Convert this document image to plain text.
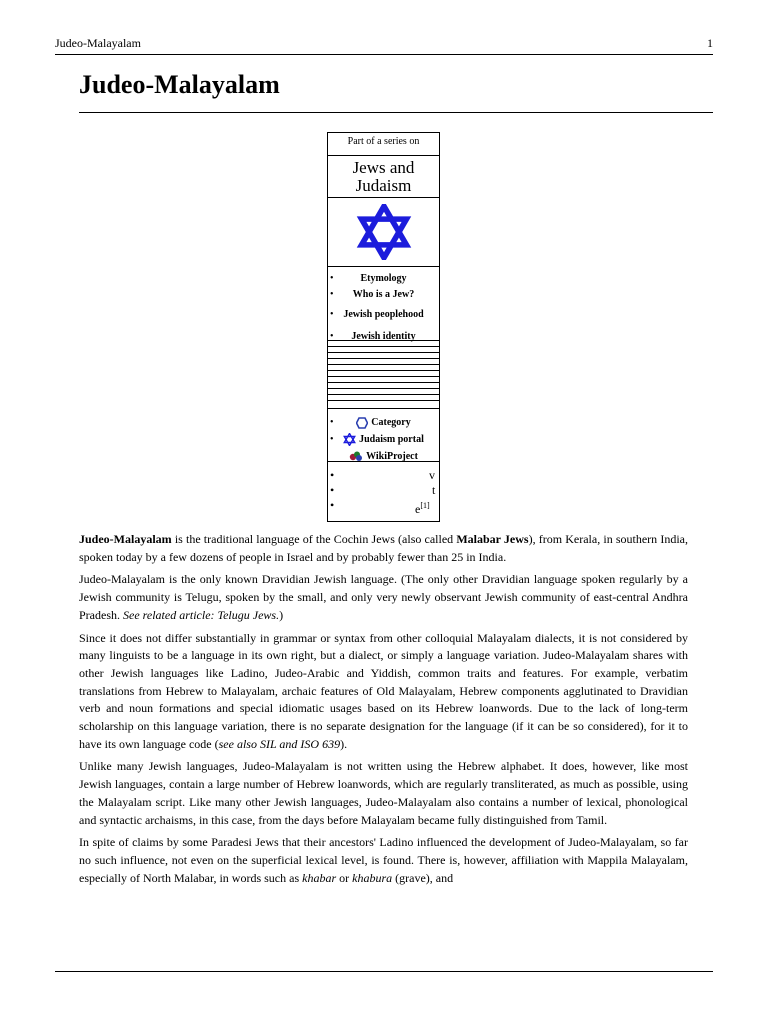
Judeo-Malayalam	1
Judeo-Malayalam
Part of a series on
Jews and
Judaism
•	Etymology
• Who is a Jew?
• Jewish peoplehood
• Jewish identity
•	Category
•	Judaism portal
WikiProject
•	v
•	t
•	e[1]

Judeo-Malayalam is the traditional language of the Cochin Jews (also called Malabar Jews), from Kerala, in southern India, spoken today by a few dozens of people in Israel and by probably fewer than 25 in India.

Judeo-Malayalam is the only known Dravidian Jewish language. (The only other Dravidian language spoken regularly by a Jewish community is Telugu, spoken by the small, and only very newly observant Jewish community of east-central Andhra Pradesh. See related article: Telugu Jews.)

Since it does not differ substantially in grammar or syntax from other colloquial Malayalam dialects, it is not considered by many linguists to be a language in its own right, but a dialect, or simply a language variation. Judeo-Malayalam shares with other Jewish languages like Ladino, Judeo-Arabic and Yiddish, common traits and features. For example, verbatim translations from Hebrew to Malayalam, archaic features of Old Malayalam, Hebrew components agglutinated to Dravidian verb and noun formations and special idiomatic usages based on its Hebrew loanwords. Due to the lack of long-term scholarship on this language variation, there is no separate designation for the language (if it can be so considered), for it to have its own language code (see also SIL and ISO 639).

Unlike many Jewish languages, Judeo-Malayalam is not written using the Hebrew alphabet. It does, however, like most Jewish languages, contain a large number of Hebrew loanwords, which are regularly transliterated, as much as possible, using the Malayalam script. Like many other Jewish languages, Judeo-Malayalam also contains a number of lexical, phonological and syntactic archaisms, in this case, from the days before Malayalam became fully distinguished from Tamil.

In spite of claims by some Paradesi Jews that their ancestors' Ladino influenced the development of Judeo-Malayalam, so far no such influence, not even on the superficial lexical level, is found. There is, however, affiliation with Mappila Malayalam, especially of North Malabar, in words such as khabar or khabura (grave), and
